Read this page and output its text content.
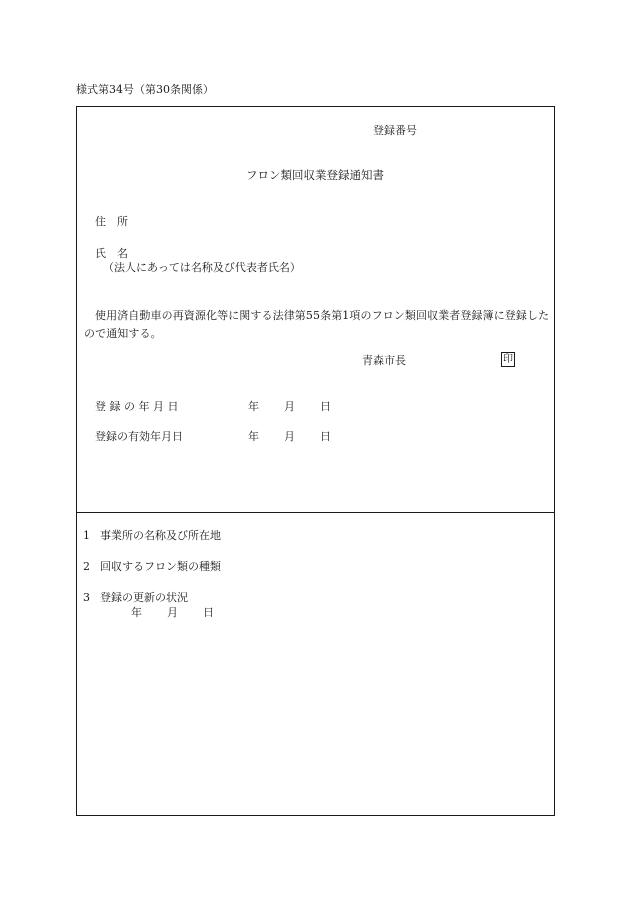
様式第34号（第30条関係）
登録番号
フロン類回収業登録通知書
住　所
氏　名
（法人にあっては名称及び代表者氏名）
使用済自動車の再資源化等に関する法律第55条第1項のフロン類回収業者登録簿に登録したので通知する。
青森市長	印
登 録 の 年 月 日	年 月 日
登録の有効年月日	年 月 日
1 事業所の名称及び所在地
2 回収するフロン類の種類
3 登録の更新の状況
年 月 日
